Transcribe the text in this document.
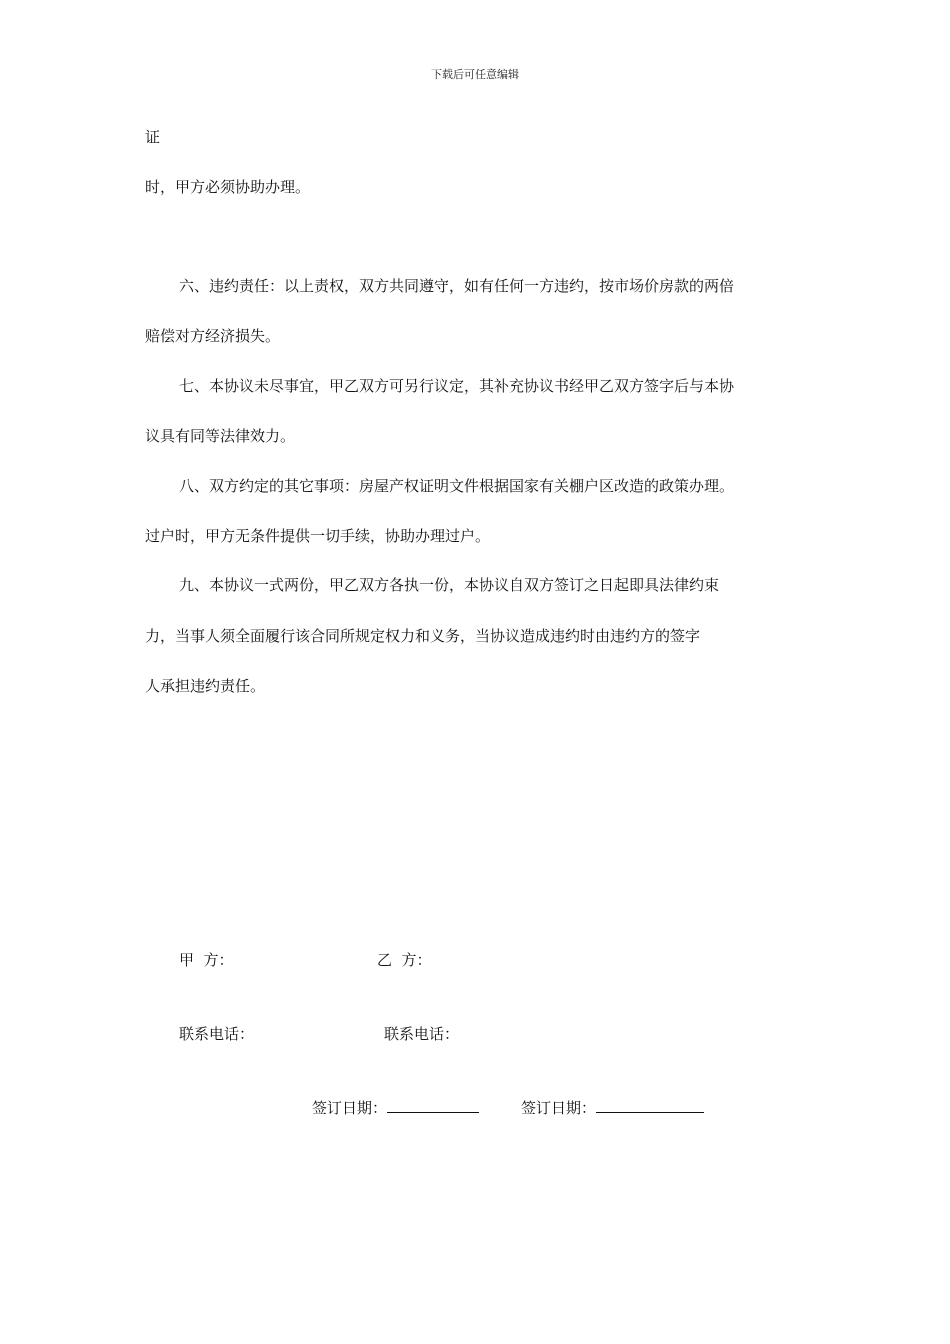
下载后可任意编辑
证
时，甲方必须协助办理。
六、违约责任：以上责权，双方共同遵守，如有任何一方违约，按市场价房款的两倍
赔偿对方经济损失。
七、本协议未尽事宜，甲乙双方可另行议定，其补充协议书经甲乙双方签字后与本协
议具有同等法律效力。
八、双方约定的其它事项：房屋产权证明文件根据国家有关棚户区改造的政策办理。
过户时，甲方无条件提供一切手续，协助办理过户。
九、本协议一式两份，甲乙双方各执一份，本协议自双方签订之日起即具法律约束
力，当事人须全面履行该合同所规定权力和义务，当协议造成违约时由违约方的签字
人承担违约责任。
甲  方：	乙  方：
联系电话：	联系电话：
签订日期：	签订日期：
